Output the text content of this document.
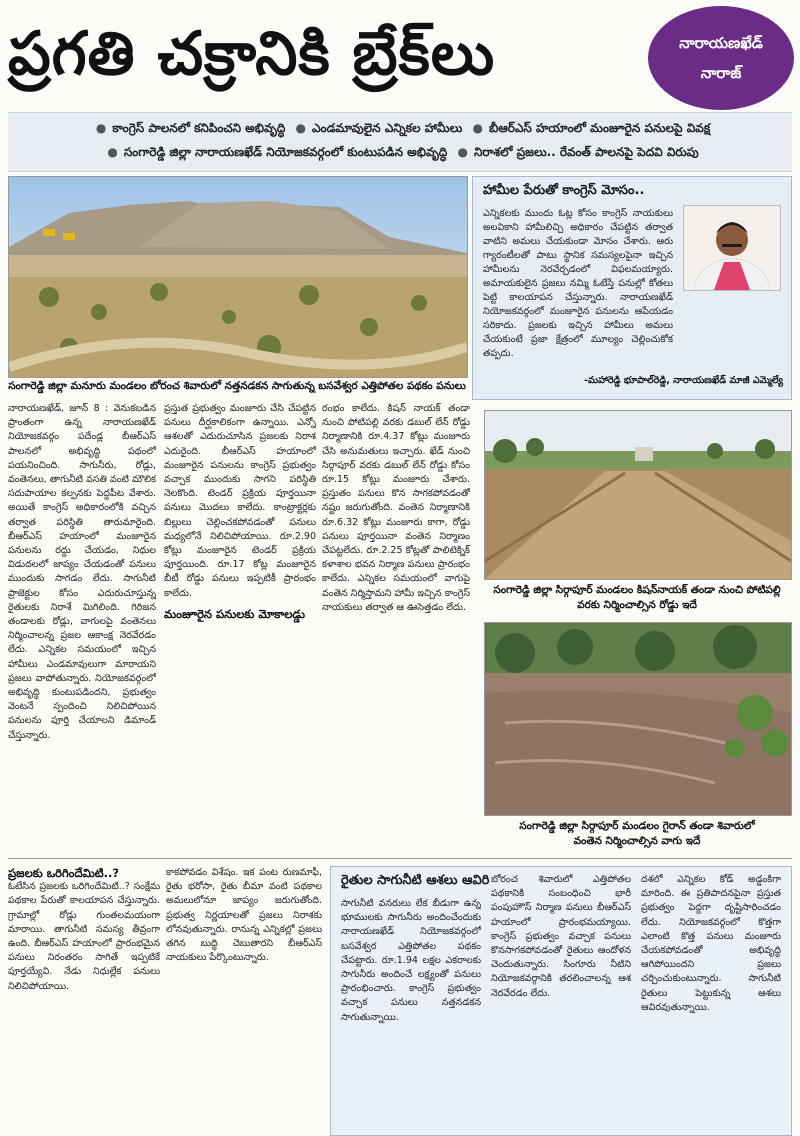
ప్రగతి చక్రానికి బ్రేక్‌లు	నారాయణఖేడ్
నారాజ్
● కాంగ్రెస్ పాలనలో కనిపించని అభివృద్ధి ● ఎండమావులైన ఎన్నికల హామీలు ● బీఆర్ఎస్ హయాంలో మంజూరైన పనులపై వివక్ష
● సంగారెడ్డి జిల్లా నారాయణఖేడ్ నియోజకవర్గంలో కుంటుపడిన అభివృద్ధి ● నిరాశలో ప్రజలు.. రేవంత్ పాలనపై పెదవి విరుపు
సంగారెడ్డి జిల్లా మనూరు మండలం బోరంచ శివారులో నత్తనడకన సాగుతున్న బసవేశ్వర ఎత్తిపోతల పథకం పనులు
హామీల పేరుతో కాంగ్రెస్ మోసం..
ఎన్నికలకు ముందు ఓట్ల కోసం కాంగ్రెస్ నాయకులు అలవికాని హామీలిచ్చి అధికారం చేపట్టిన తర్వాత వాటిని అమలు చేయకుండా మోసం చేశారు. ఆరు గ్యారంటీలతో పాటు స్థానిక సమస్యలపైనా ఇచ్చిన హామీలను నెరవేర్చడంలో విఫలమయ్యారు. అమాయకులైన ప్రజలు నమ్మి ఓటేస్తే పనుల్లో కోతలు పెట్టి కాలయాపన చేస్తున్నారు. నారాయణఖేడ్ నియోజకవర్గంలో మంజూరైన పనులను ఆపేయడం సరికాదు. ప్రజలకు ఇచ్చిన హామీలు అమలు చేయకుంటే ప్రజా క్షేత్రంలో మూల్యం చెల్లించుకోక తప్పదు.
-మహారెడ్డి భూపాల్‌రెడ్డి, నారాయణఖేడ్ మాజీ ఎమ్మెల్యే
నారాయణఖేడ్, జూన్ 8 : వెనుకబడిన ప్రాంతంగా ఉన్న నారాయణఖేడ్ నియోజకవర్గం పదేండ్ల బీఆర్ఎస్ పాలనలో అభివృద్ధి పథంలో పయనించింది. సాగునీరు, రోడ్లు, వంతెనలు, తాగునీటి వసతి వంటి మౌలిక సదుపాయాల కల్పనకు పెద్దపీట వేశారు. అయితే కాంగ్రెస్ అధికారంలోకి వచ్చిన తర్వాత పరిస్థితి తారుమారైంది. బీఆర్ఎస్ హయాంలో మంజూరైన పనులను రద్దు చేయడం, నిధుల విడుదలలో జాప్యం చేయడంతో పనులు ముందుకు సాగడం లేదు. సాగునీటి ప్రాజెక్టుల కోసం ఎదురుచూస్తున్న రైతులకు నిరాశే మిగిలింది. గిరిజన తండాలకు రోడ్లు, వాగులపై వంతెనలు నిర్మించాలన్న ప్రజల ఆకాంక్ష నెరవేరడం లేదు. ఎన్నికల సమయంలో ఇచ్చిన హామీలు ఎండమావులుగా మారాయని ప్రజలు వాపోతున్నారు. నియోజకవర్గంలో అభివృద్ధి కుంటుపడిందని, ప్రభుత్వం వెంటనే స్పందించి నిలిచిపోయిన పనులను పూర్తి చేయాలని డిమాండ్ చేస్తున్నారు.
ప్రస్తుత ప్రభుత్వం మంజూరు చేసి చేపట్టిన పనులు దీర్ఘకాలికంగా ఉన్నాయి. ఎన్నో ఆశలతో ఎదురుచూసిన ప్రజలకు నిరాశ ఎదురైంది. బీఆర్ఎస్ హయాంలో మంజూరైన పనులను కాంగ్రెస్ ప్రభుత్వం వచ్చాక ముందుకు సాగని పరిస్థితి నెలకొంది. టెండర్ ప్రక్రియ పూర్తయినా పనులు మొదలు కాలేదు. కాంట్రాక్టర్లకు బిల్లులు చెల్లించకపోవడంతో పనులు మధ్యలోనే నిలిచిపోయాయి. రూ.2.90 కోట్లు మంజూరైన టెండర్ ప్రక్రియ పూర్తయింది. రూ.17 కోట్ల మంజూరైన బీటీ రోడ్డు పనులు ఇప్పటికీ ప్రారంభం కాలేదు.
మంజూరైన పనులకు మోకాలడ్డు
రంభం కాలేదు. కిషన్ నాయక్ తండా నుంచి పోటిపల్లి వరకు డబుల్ లేన్ రోడ్డు నిర్మాణానికి రూ.4.37 కోట్లు మంజూరు చేసి అనుమతులు ఇచ్చారు. ఖేడ్ నుంచి సిర్గాపూర్ వరకు డబుల్ లేన్ రోడ్డు కోసం రూ.15 కోట్లు మంజూరు చేశారు. ప్రస్తుతం పనులు కొన సాగకపోవడంతో నష్టం జరుగుతోంది. వంతెన నిర్మాణానికి రూ.6.32 కోట్లు మంజూరు కాగా, రోడ్డు పనులు పూర్తయినా వంతెన నిర్మాణం చేపట్టలేదు. రూ.2.25 కోట్లతో పాలిటెక్నిక్ కళాశాల భవన నిర్మాణ పనులు ప్రారంభం కాలేదు. ఎన్నికల సమయంలో వాగుపై వంతెన నిర్మిస్తామని హామీ ఇచ్చిన కాంగ్రెస్ నాయకులు తర్వాత ఆ ఊసెత్తడం లేదు.
సంగారెడ్డి జిల్లా సిర్గాపూర్ మండలం కిషన్‌నాయక్ తండా నుంచి పోటిపల్లి
వరకు నిర్మించాల్సిన రోడ్డు ఇదే
సంగారెడ్డి జిల్లా సిర్గాపూర్ మండలం గైరాన్ తండా శివారులో
వంతెన నిర్మించాల్సిన వాగు ఇదే
ప్రజలకు ఒరిగిందేమిటి..?
ఓటేసిన ప్రజలకు ఒరిగిందేమిటి..? సంక్షేమ పథకాల పేరుతో కాలయాపన చేస్తున్నారు. గ్రామాల్లో రోడ్లు గుంతలమయంగా మారాయి. తాగునీటి సమస్య తీవ్రంగా ఉంది. బీఆర్ఎస్ హయాంలో ప్రారంభమైన పనులు నిరంతరం సాగితే ఇప్పటికే పూర్తయ్యేవి. నేడు నిధుల్లేక పనులు నిలిచిపోయాయి.
కాకపోవడం విశేషం. ఇక పంట రుణమాఫీ, రైతు భరోసా, రైతు బీమా వంటి పథకాల అమలులోనూ జాప్యం జరుగుతోంది. ప్రభుత్వ నిర్ణయాలతో ప్రజలు నిరాశకు లోనవుతున్నారు. రానున్న ఎన్నికల్లో ప్రజలు తగిన బుద్ధి చెబుతారని బీఆర్ఎస్ నాయకులు పేర్కొంటున్నారు.
రైతుల సాగునీటి ఆశలు ఆవిరి
సాగునీటి వనరులు లేక బీడుగా ఉన్న భూములకు సాగునీరు అందించేందుకు నారాయణఖేడ్ నియోజకవర్గంలో బసవేశ్వర ఎత్తిపోతల పథకం చేపట్టారు. రూ.1.94 లక్షల ఎకరాలకు సాగునీరు అందించే లక్ష్యంతో పనులు ప్రారంభించారు. కాంగ్రెస్ ప్రభుత్వం వచ్చాక పనులు నత్తనడకన సాగుతున్నాయి.
బోరంచ శివారులో ఎత్తిపోతల పథకానికి సంబంధించి భారీ పంపుహౌస్ నిర్మాణ పనులు బీఆర్ఎస్ హయాంలో ప్రారంభమయ్యాయి. కాంగ్రెస్ ప్రభుత్వం వచ్చాక పనులు కొనసాగకపోవడంతో రైతులు ఆందోళన చెందుతున్నారు. సింగూరు నీటిని నియోజకవర్గానికి తరలించాలన్న ఆశ నెరవేరడం లేదు.
దశలో ఎన్నికల కోడ్ అడ్డంకిగా మారింది. ఈ ప్రతిపాదనపైనా ప్రస్తుత ప్రభుత్వం పెద్దగా దృష్టిసారించడం లేదు. నియోజకవర్గంలో కొత్తగా ఎలాంటి కొత్త పనులు మంజూరు చేయకపోవడంతో అభివృద్ధి ఆగిపోయిందని ప్రజలు చర్చించుకుంటున్నారు. సాగునీటి రైతులు పెట్టుకున్న ఆశలు ఆవిరవుతున్నాయి.
